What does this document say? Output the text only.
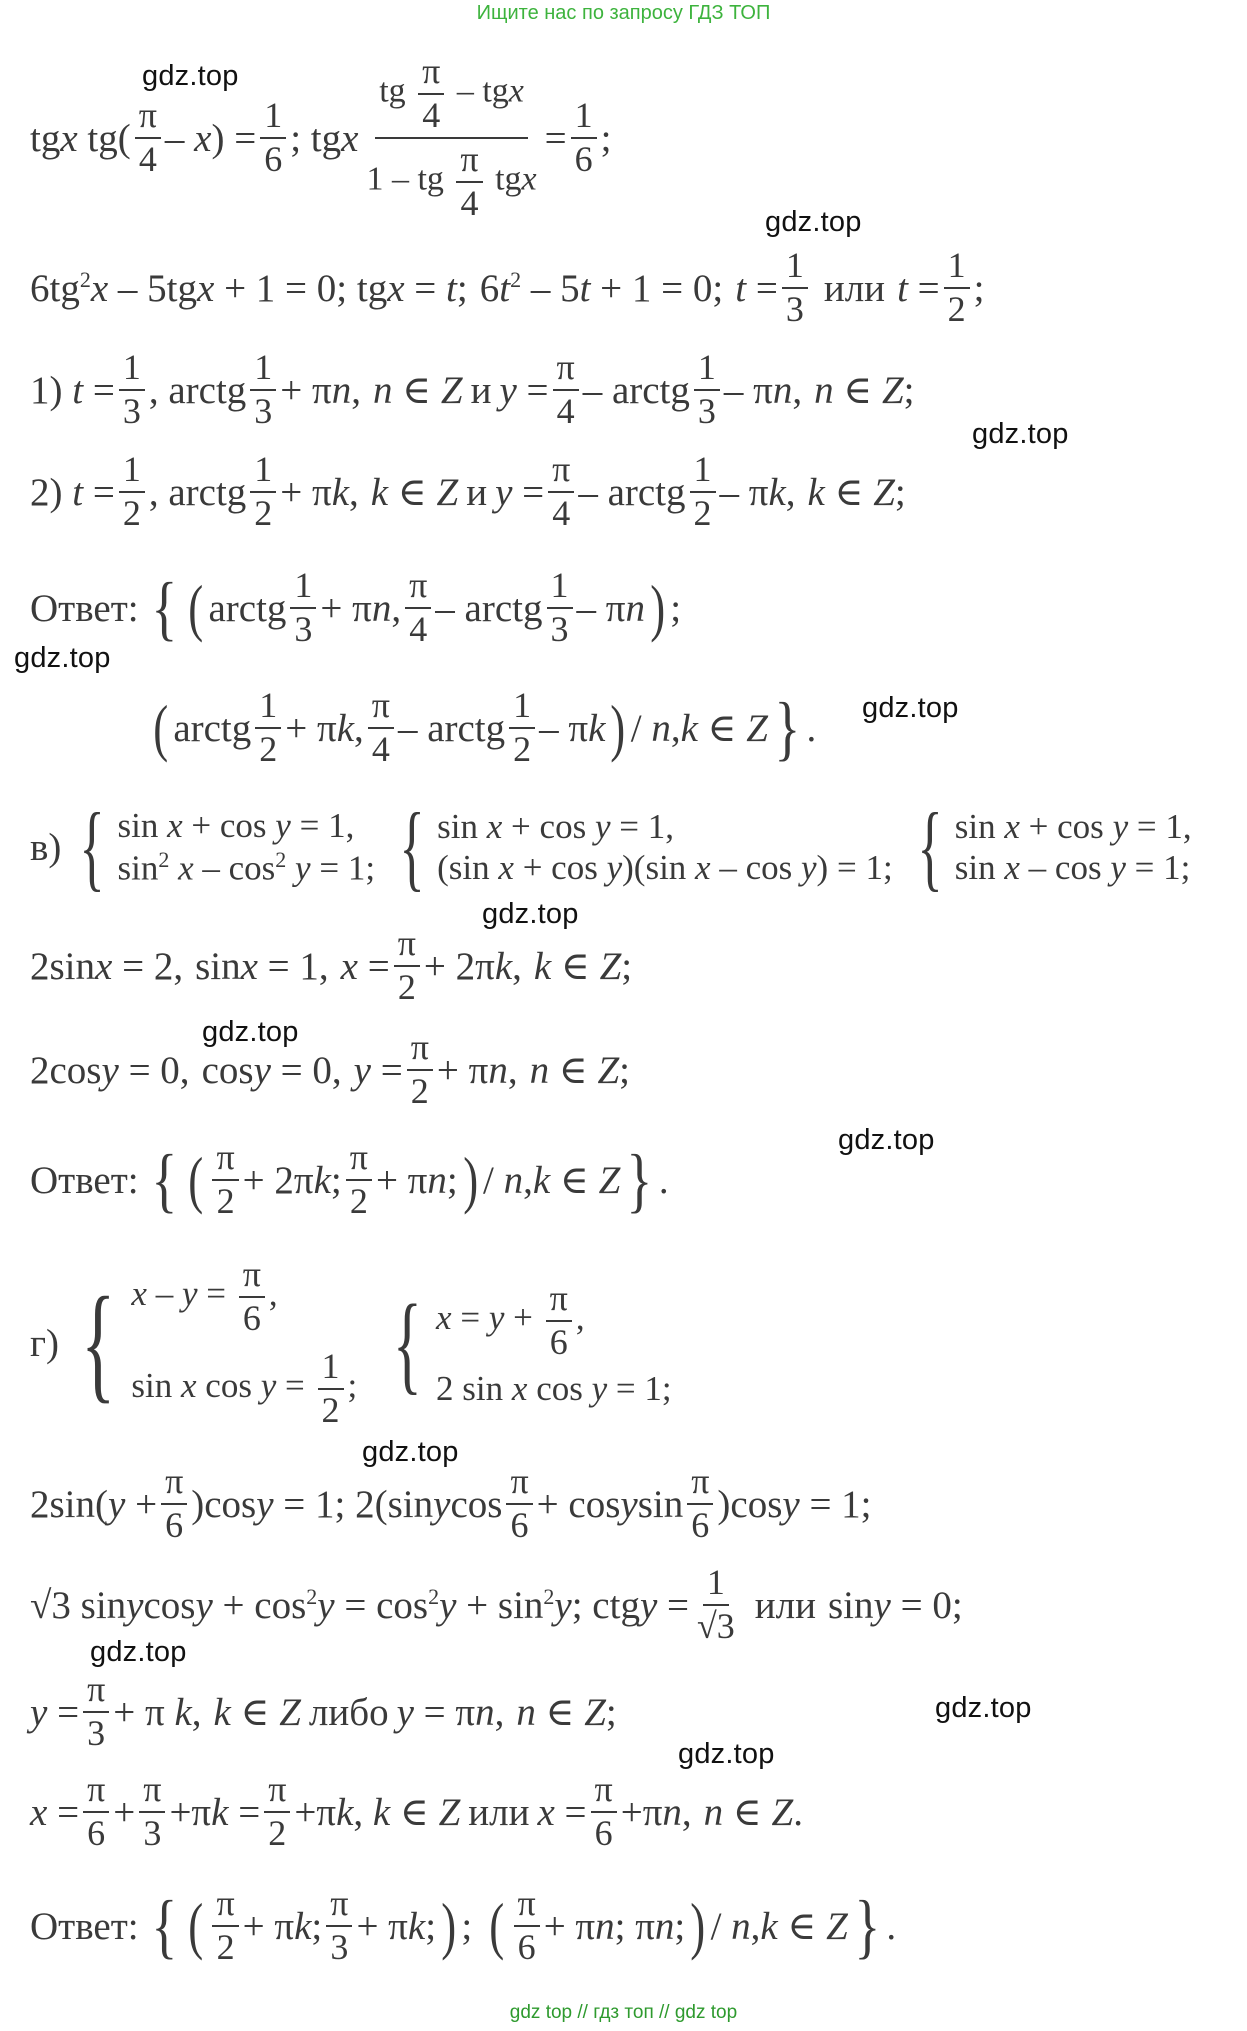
Ищите нас по запросу ГДЗ ТОП
gdz.top
gdz.top
gdz.top
gdz.top
gdz.top
gdz.top
gdz.top
gdz.top
gdz.top
gdz.top
gdz.top
gdz.top
tgx $tg( \frac{\pi}{4} - x) = \frac{1}{6}$ ; tgx $\frac{tg \frac{\pi}{4} - tgx}{1 - tg \frac{\pi}{4} tgx} = \frac{1}{6}$ ;
$6tg^2x - 5tgx + 1 = 0$; tgx = t; $6t^2 - 5t + 1 = 0$; $t = \frac{1}{3}$ или $t = \frac{1}{2}$ ;
1) $t = \frac{1}{3}$ , arctg $\frac{1}{3} + \pi n$, n ∈ Z и $y = \frac{\pi}{4}$ – arctg $\frac{1}{3}$ – πn, n ∈ Z;
2) $t = \frac{1}{2}$ , arctg $\frac{1}{2} + \pi k$, k ∈ Z и $y = \frac{\pi}{4}$ – arctg $\frac{1}{2}$ – πk, k ∈ Z;
Ответ: { ( arctg $\frac{1}{3} + \pi n$, $\frac{\pi}{4}$ – arctg $\frac{1}{3}$ – πn ) ;
( arctg $\frac{1}{2} + \pi k$, $\frac{\pi}{4}$ – arctg $\frac{1}{2}$ – πk ) / n,k ∈ Z } .
в) { sin x + cos y = 1,
$\sin^2 x - \cos^2 y = 1$; { sin x + cos y = 1,
(sin x + cos y)(sin x – cos y) = 1; { sin x + cos y = 1,
sin x – cos y = 1;
2sinx = 2, sinx = 1, $x = \frac{\pi}{2} + 2\pi k$, k ∈ Z;
2cosy = 0, cosy = 0, $y = \frac{\pi}{2} + \pi n$, n ∈ Z;
Ответ: { ( $\frac{\pi}{2} + 2\pi k$; $\frac{\pi}{2} + \pi n$; ) / n,k ∈ Z } .
г) { $x - y = \frac{\pi}{6}$ ,
sin x $\cos y = \frac{1}{2}$ ; { $x = y + \frac{\pi}{6}$ ,
2 sin x cos y = 1;
$2\sin(y + \frac{\pi}{6} )\cos y = 1$; 2(sinycos $\frac{\pi}{6}$ + cosysin $\frac{\pi}{6} )\cos y = 1$;
√3 sinycosy + $\cos^2y = \cos^2y + \sin^2y$; ctgy = $\frac{1}{√3}$ или siny = 0;
$y = \frac{\pi}{3} + \pi$ k, k ∈ Z либо y = πn, n ∈ Z;
$x = \frac{\pi}{6} + \frac{\pi}{3} +\pi k = \frac{\pi}{2} +\pi k$, k ∈ Z или $x = \frac{\pi}{6} +\pi n$, n ∈ Z.
Ответ: { ( $\frac{\pi}{2} + \pi k$; $\frac{\pi}{3} + \pi k$; ) ; ( $\frac{\pi}{6} + \pi n$; πn; ) / n,k ∈ Z } .
gdz top // гдз топ // gdz top
